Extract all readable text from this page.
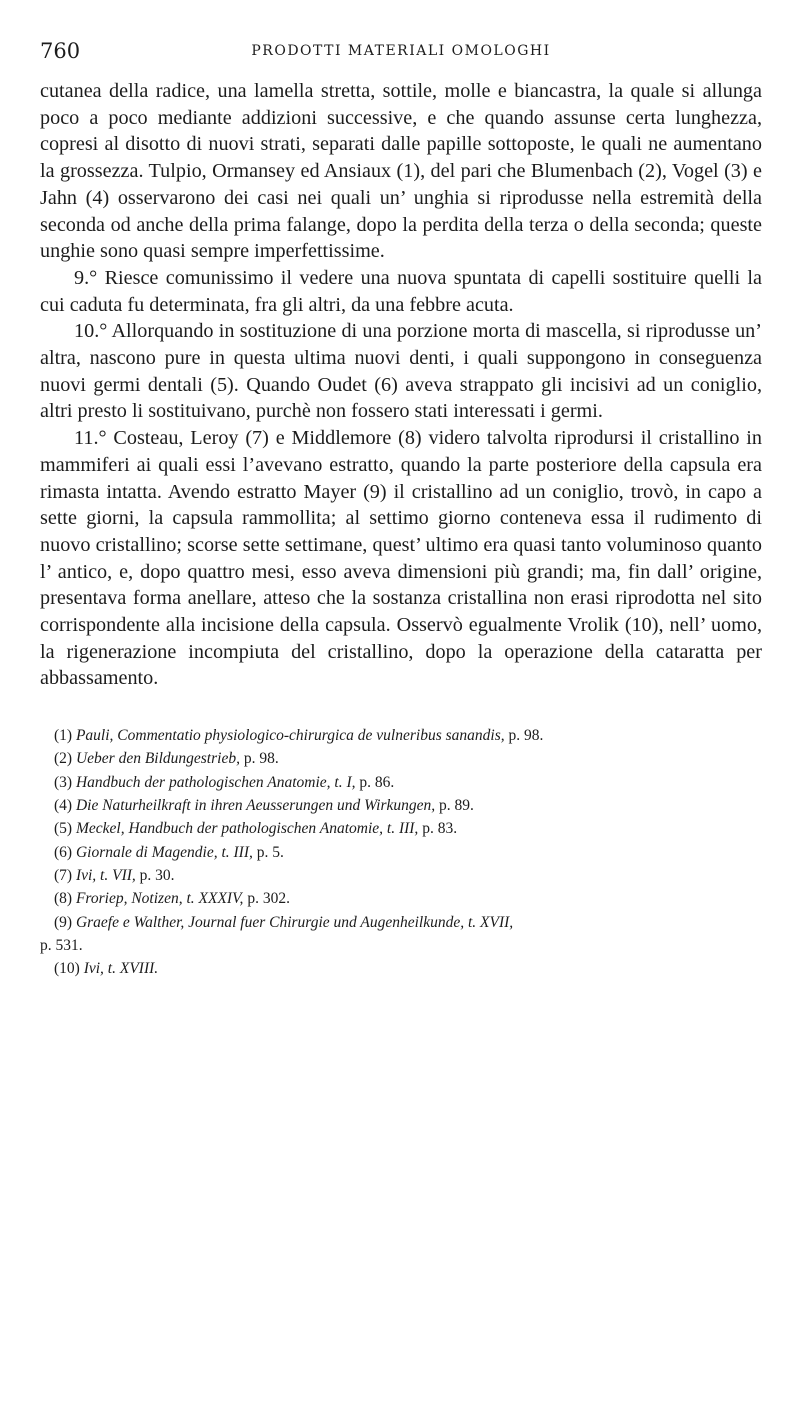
760	PRODOTTI MATERIALI OMOLOGHI

cutanea della radice, una lamella stretta, sottile, molle e biancastra, la quale si allunga poco a poco mediante addizioni successive, e che quando assunse certa lunghezza, copresi al disotto di nuovi strati, separati dalle papille sottoposte, le quali ne aumentano la grossezza. Tulpio, Ormansey ed Ansiaux (1), del pari che Blumenbach (2), Vogel (3) e Jahn (4) osservarono dei casi nei quali un’ unghia si riprodusse nella estremità della seconda od anche della prima falange, dopo la perdita della terza o della seconda; queste unghie sono quasi sempre imperfettissime.

9.° Riesce comunissimo il vedere una nuova spuntata di capelli sostituire quelli la cui caduta fu determinata, fra gli altri, da una febbre acuta.

10.° Allorquando in sostituzione di una porzione morta di mascella, si riprodusse un’ altra, nascono pure in questa ultima nuovi denti, i quali suppongono in conseguenza nuovi germi dentali (5). Quando Oudet (6) aveva strappato gli incisivi ad un coniglio, altri presto li sostituivano, purchè non fossero stati interessati i germi.

11.° Costeau, Leroy (7) e Middlemore (8) videro talvolta riprodursi il cristallino in mammiferi ai quali essi l’avevano estratto, quando la parte posteriore della capsula era rimasta intatta. Avendo estratto Mayer (9) il cristallino ad un coniglio, trovò, in capo a sette giorni, la capsula rammollita; al settimo giorno conteneva essa il rudimento di nuovo cristallino; scorse sette settimane, quest’ ultimo era quasi tanto voluminoso quanto l’ antico, e, dopo quattro mesi, esso aveva dimensioni più grandi; ma, fin dall’ origine, presentava forma anellare, atteso che la sostanza cristallina non erasi riprodotta nel sito corrispondente alla incisione della capsula. Osservò egualmente Vrolik (10), nell’ uomo, la rigenerazione incompiuta del cristallino, dopo la operazione della cataratta per abbassamento.

(1) Pauli, Commentatio physiologico-chirurgica de vulneribus sanandis, p. 98.
(2) Ueber den Bildungestrieb, p. 98.
(3) Handbuch der pathologischen Anatomie, t. I, p. 86.
(4) Die Naturheilkraft in ihren Aeusserungen und Wirkungen, p. 89.
(5) Meckel, Handbuch der pathologischen Anatomie, t. III, p. 83.
(6) Giornale di Magendie, t. III, p. 5.
(7) Ivi, t. VII, p. 30.
(8) Froriep, Notizen, t. XXXIV, p. 302.
(9) Graefe e Walther, Journal fuer Chirurgie und Augenheilkunde, t. XVII,
p. 531.
(10) Ivi, t. XVIII.
